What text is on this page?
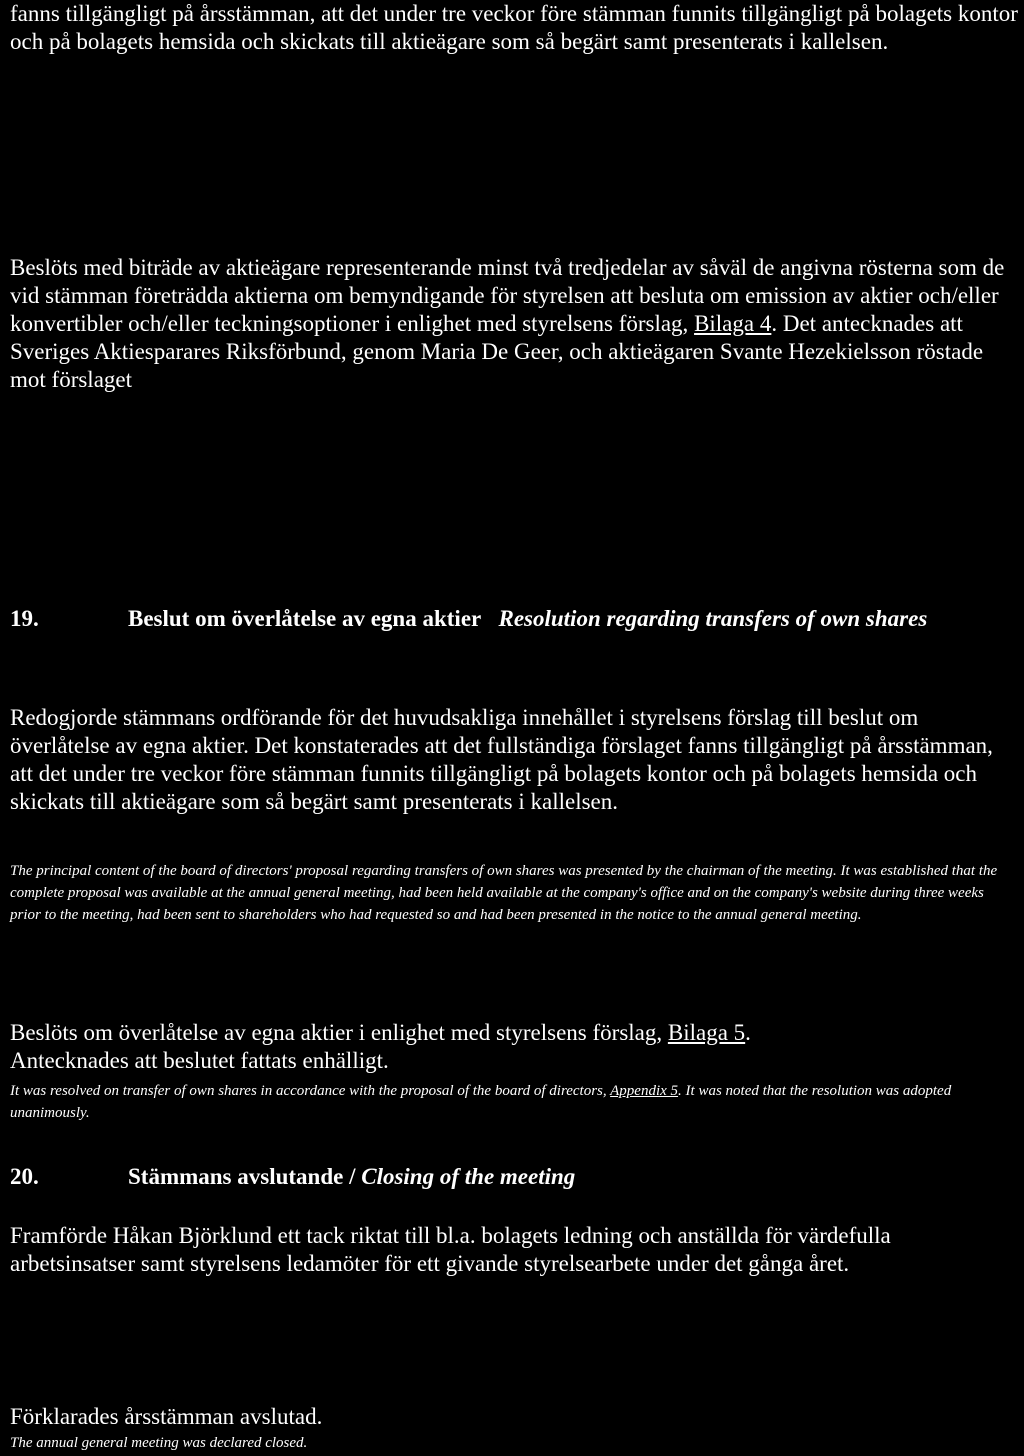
fanns tillgängligt på årsstämman, att det under tre veckor före stämman funnits tillgängligt på bolagets kontor och på bolagets hemsida och skickats till aktieägare som så begärt samt presenterats i kallelsen.

Beslöts med biträde av aktieägare representerande minst två tredjedelar av såväl de angivna rösterna som de vid stämman företrädda aktierna om bemyndigande för styrelsen att besluta om emission av aktier och/eller konvertibler och/eller teckningsoptioner i enlighet med styrelsens förslag, Bilaga 4. Det antecknades att Sveriges Aktiesparares Riksförbund, genom Maria De Geer, och aktieägaren Svante Hezekielsson röstade mot förslaget

19.	Beslut om överlåtelse av egna aktier Resolution regarding transfers of own shares

Redogjorde stämmans ordförande för det huvudsakliga innehållet i styrelsens förslag till beslut om överlåtelse av egna aktier. Det konstaterades att det fullständiga förslaget fanns tillgängligt på årsstämman, att det under tre veckor före stämman funnits tillgängligt på bolagets kontor och på bolagets hemsida och skickats till aktieägare som så begärt samt presenterats i kallelsen.

The principal content of the board of directors' proposal regarding transfers of own shares was presented by the chairman of the meeting. It was established that the complete proposal was available at the annual general meeting, had been held available at the company's office and on the company's website during three weeks prior to the meeting, had been sent to shareholders who had requested so and had been presented in the notice to the annual general meeting.

Beslöts om överlåtelse av egna aktier i enlighet med styrelsens förslag, Bilaga 5. Antecknades att beslutet fattats enhälligt.

It was resolved on transfer of own shares in accordance with the proposal of the board of directors, Appendix 5. It was noted that the resolution was adopted unanimously.

20.	Stämmans avslutande / Closing of the meeting

Framförde Håkan Björklund ett tack riktat till bl.a. bolagets ledning och anställda för värdefulla arbetsinsatser samt styrelsens ledamöter för ett givande styrelsearbete under det gånga året.

Förklarades årsstämman avslutad.

The annual general meeting was declared closed.
